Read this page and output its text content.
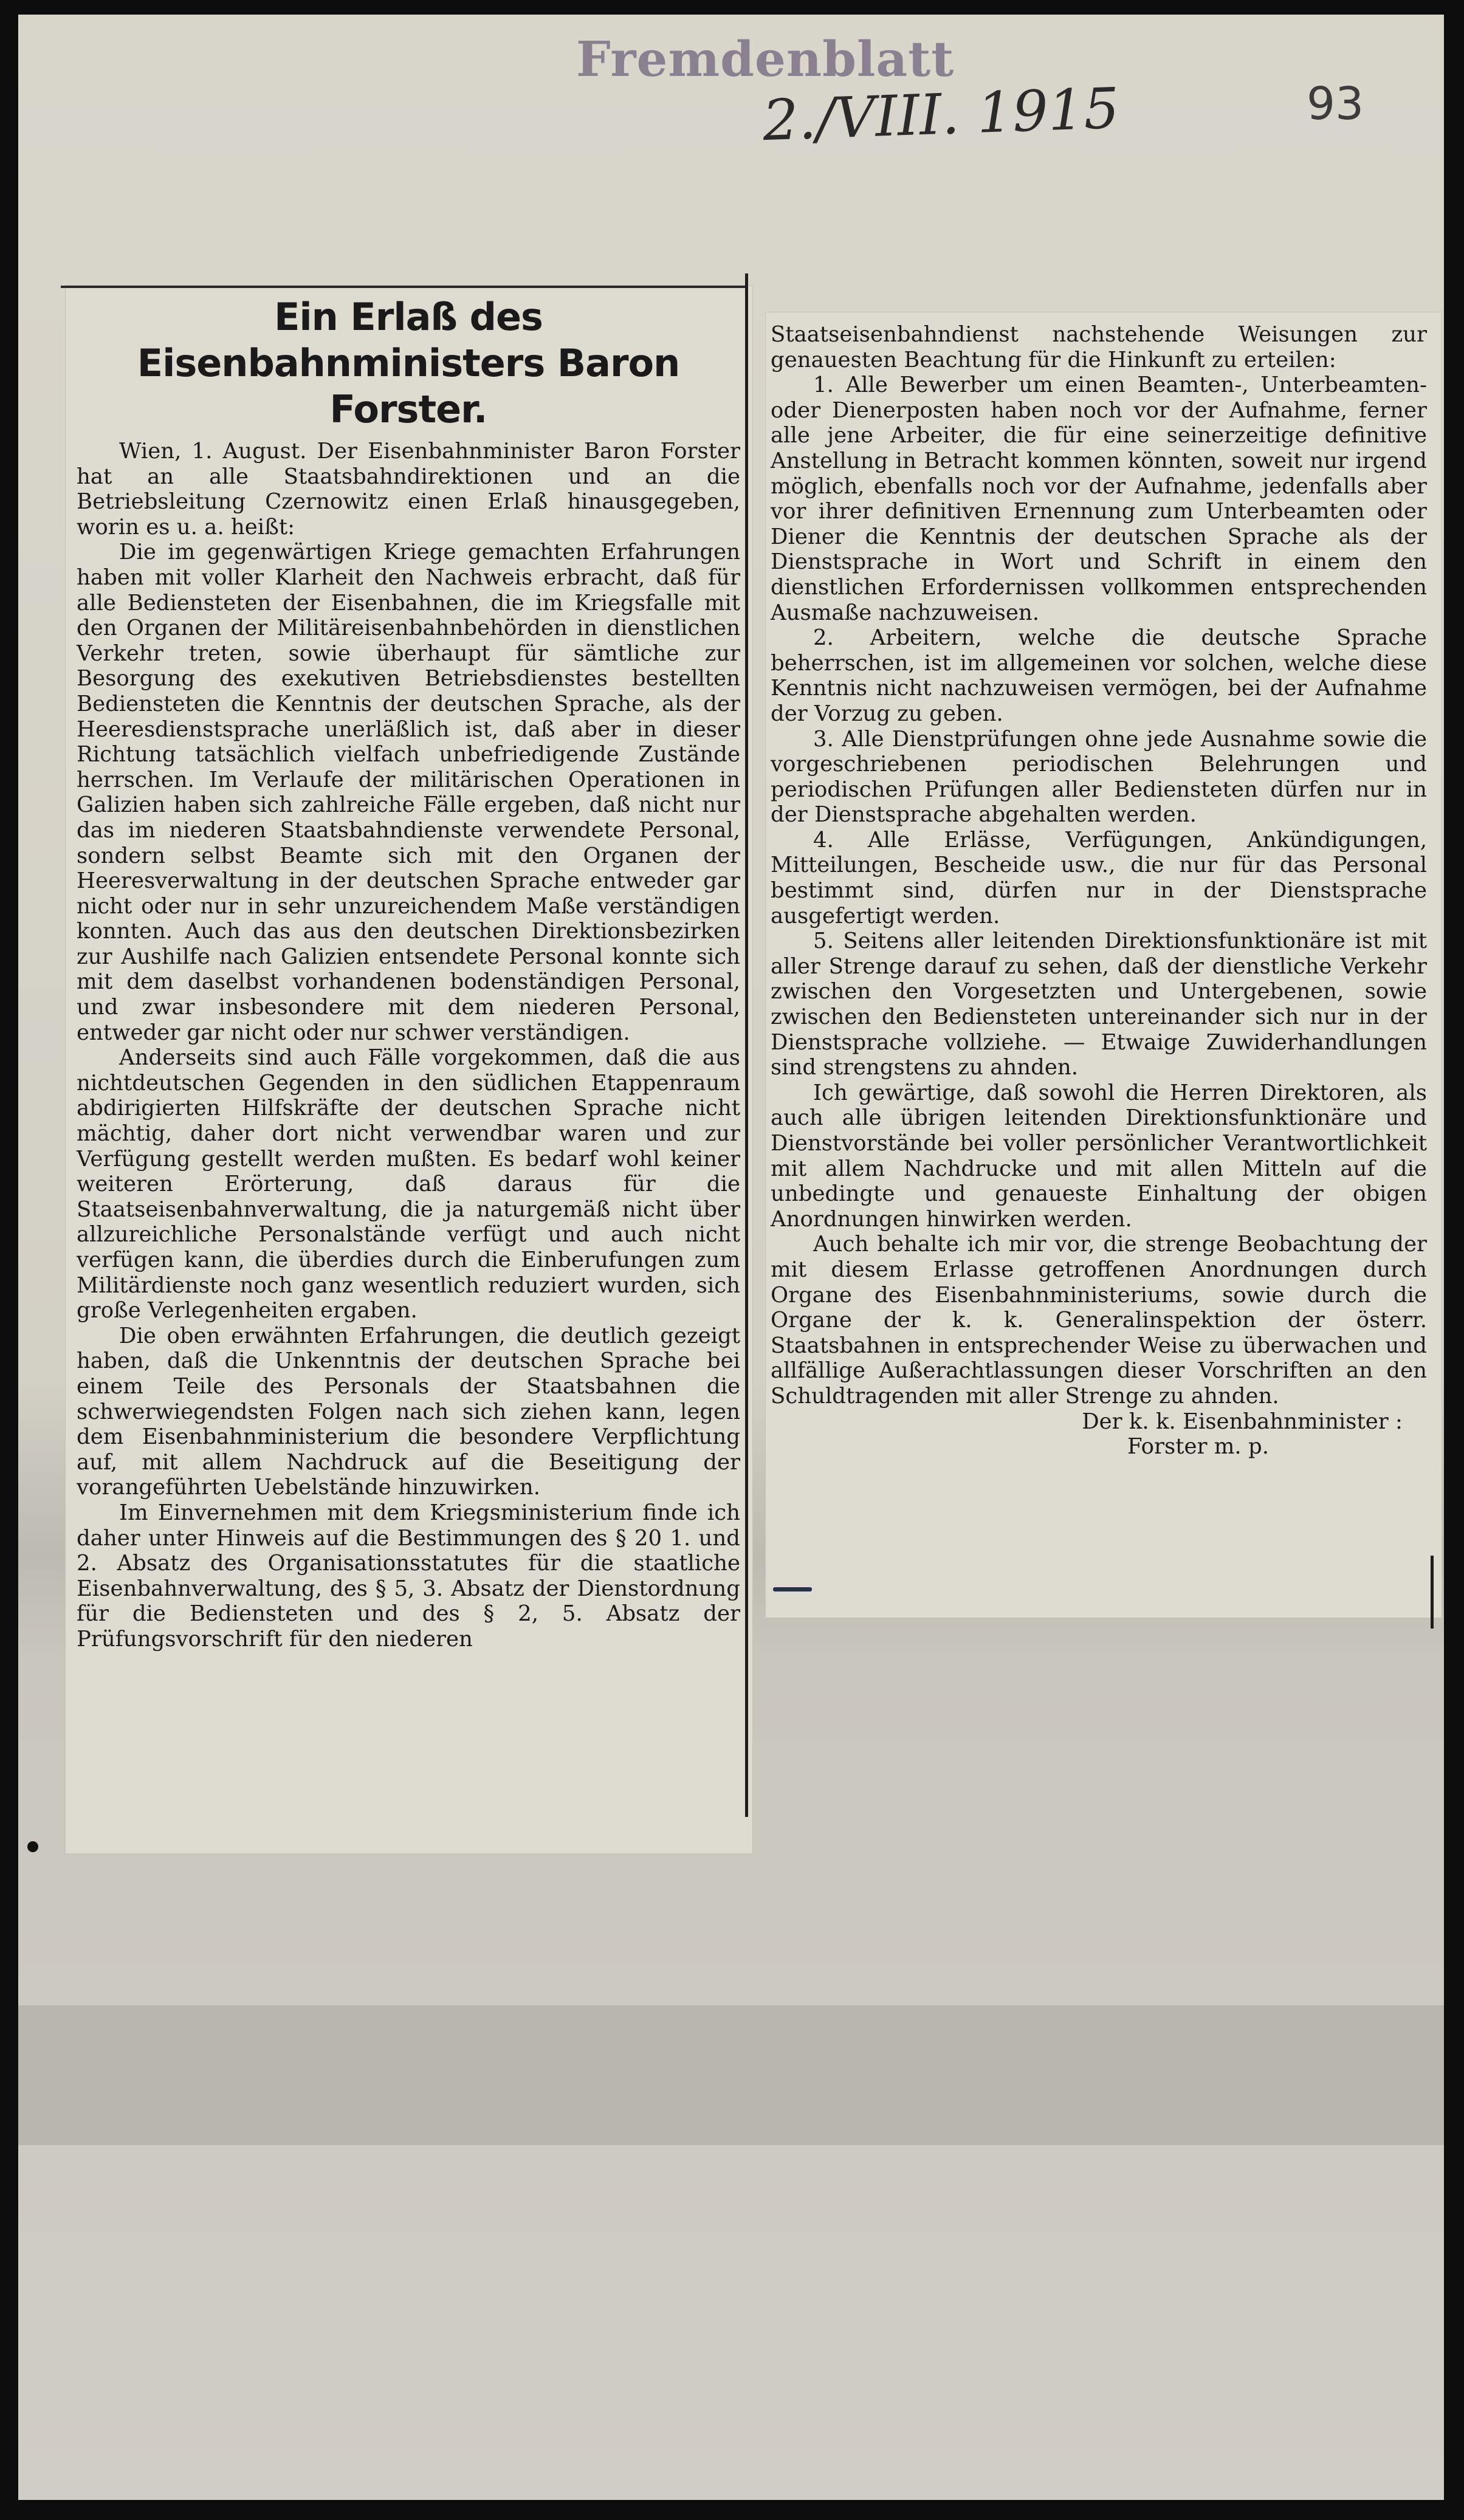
Fremdenblatt
2./VIII. 1915	93
Ein Erlaß des Eisenbahnministers Baron Forster.

Wien, 1. August. Der Eisenbahnminister Baron Forster hat an alle Staatsbahndirektionen und an die Betriebsleitung Czernowitz einen Erlaß hinausgegeben, worin es u. a. heißt:

Die im gegenwärtigen Kriege gemachten Erfahrungen haben mit voller Klarheit den Nachweis erbracht, daß für alle Bediensteten der Eisenbahnen, die im Kriegsfalle mit den Organen der Militäreisenbahnbehörden in dienstlichen Verkehr treten, sowie überhaupt für sämtliche zur Besorgung des exekutiven Betriebsdienstes bestellten Bediensteten die Kenntnis der deutschen Sprache, als der Heeresdienstsprache unerläßlich ist, daß aber in dieser Richtung tatsächlich vielfach unbefriedigende Zustände herrschen. Im Verlaufe der militärischen Operationen in Galizien haben sich zahlreiche Fälle ergeben, daß nicht nur das im niederen Staatsbahndienste verwendete Personal, sondern selbst Beamte sich mit den Organen der Heeresverwaltung in der deutschen Sprache entweder gar nicht oder nur in sehr unzureichendem Maße verständigen konnten. Auch das aus den deutschen Direktionsbezirken zur Aushilfe nach Galizien entsendete Personal konnte sich mit dem daselbst vorhandenen bodenständigen Personal, und zwar insbesondere mit dem niederen Personal, entweder gar nicht oder nur schwer verständigen.

Anderseits sind auch Fälle vorgekommen, daß die aus nichtdeutschen Gegenden in den südlichen Etappenraum abdirigierten Hilfskräfte der deutschen Sprache nicht mächtig, daher dort nicht verwendbar waren und zur Verfügung gestellt werden mußten. Es bedarf wohl keiner weiteren Erörterung, daß daraus für die Staatseisenbahnverwaltung, die ja naturgemäß nicht über allzureichliche Personalstände verfügt und auch nicht verfügen kann, die überdies durch die Einberufungen zum Militärdienste noch ganz wesentlich reduziert wurden, sich große Verlegenheiten ergaben.

Die oben erwähnten Erfahrungen, die deutlich gezeigt haben, daß die Unkenntnis der deutschen Sprache bei einem Teile des Personals der Staatsbahnen die schwerwiegendsten Folgen nach sich ziehen kann, legen dem Eisenbahnministerium die besondere Verpflichtung auf, mit allem Nachdruck auf die Beseitigung der vorangeführten Uebelstände hinzuwirken.

Im Einvernehmen mit dem Kriegsministerium finde ich daher unter Hinweis auf die Bestimmungen des § 20 1. und 2. Absatz des Organisationsstatutes für die staatliche Eisenbahnverwaltung, des § 5, 3. Absatz der Dienstordnung für die Bediensteten und des § 2, 5. Absatz der Prüfungsvorschrift für den niederen

Staatseisenbahndienst nachstehende Weisungen zur genauesten Beachtung für die Hinkunft zu erteilen:

1. Alle Bewerber um einen Beamten-, Unterbeamten- oder Dienerposten haben noch vor der Aufnahme, ferner alle jene Arbeiter, die für eine seinerzeitige definitive Anstellung in Betracht kommen könnten, soweit nur irgend möglich, ebenfalls noch vor der Aufnahme, jedenfalls aber vor ihrer definitiven Ernennung zum Unterbeamten oder Diener die Kenntnis der deutschen Sprache als der Dienstsprache in Wort und Schrift in einem den dienstlichen Erfordernissen vollkommen entsprechenden Ausmaße nachzuweisen.

2. Arbeitern, welche die deutsche Sprache beherrschen, ist im allgemeinen vor solchen, welche diese Kenntnis nicht nachzuweisen vermögen, bei der Aufnahme der Vorzug zu geben.

3. Alle Dienstprüfungen ohne jede Ausnahme sowie die vorgeschriebenen periodischen Belehrungen und periodischen Prüfungen aller Bediensteten dürfen nur in der Dienstsprache abgehalten werden.

4. Alle Erlässe, Verfügungen, Ankündigungen, Mitteilungen, Bescheide usw., die nur für das Personal bestimmt sind, dürfen nur in der Dienstsprache ausgefertigt werden.

5. Seitens aller leitenden Direktionsfunktionäre ist mit aller Strenge darauf zu sehen, daß der dienstliche Verkehr zwischen den Vorgesetzten und Untergebenen, sowie zwischen den Bediensteten untereinander sich nur in der Dienstsprache vollziehe. — Etwaige Zuwiderhandlungen sind strengstens zu ahnden.

Ich gewärtige, daß sowohl die Herren Direktoren, als auch alle übrigen leitenden Direktionsfunktionäre und Dienstvorstände bei voller persönlicher Verantwortlichkeit mit allem Nachdrucke und mit allen Mitteln auf die unbedingte und genaueste Einhaltung der obigen Anordnungen hinwirken werden.

Auch behalte ich mir vor, die strenge Beobachtung der mit diesem Erlasse getroffenen Anordnungen durch Organe des Eisenbahnministeriums, sowie durch die Organe der k. k. Generalinspektion der österr. Staatsbahnen in entsprechender Weise zu überwachen und allfällige Außerachtlassungen dieser Vorschriften an den Schuldtragenden mit aller Strenge zu ahnden.

Der k. k. Eisenbahnminister :
Forster m. p.
